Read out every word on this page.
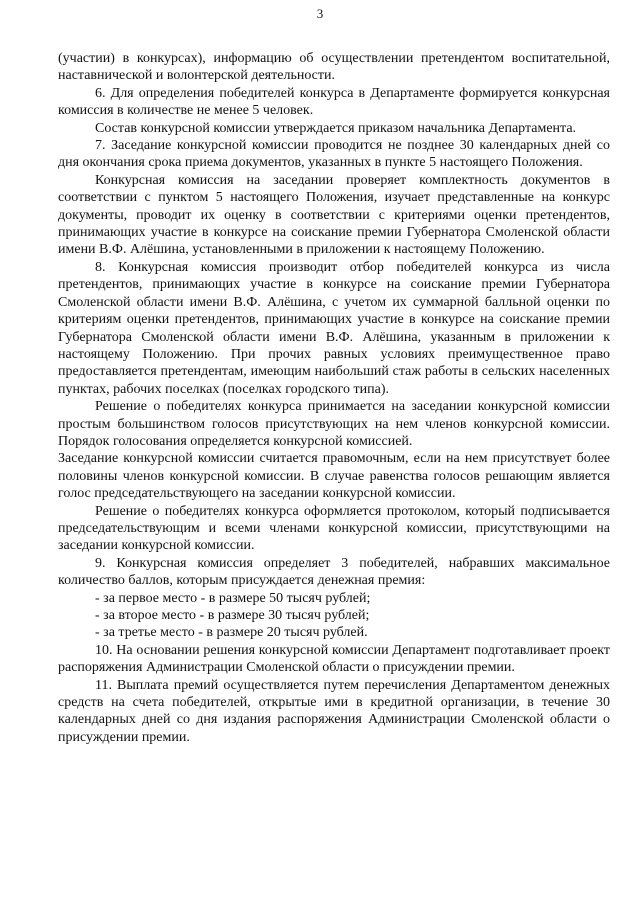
3

(участии) в конкурсах), информацию об осуществлении претендентом воспитательной, наставнической и волонтерской деятельности.

6. Для определения победителей конкурса в Департаменте формируется конкурсная комиссия в количестве не менее 5 человек.

Состав конкурсной комиссии утверждается приказом начальника Департамента.

7. Заседание конкурсной комиссии проводится не позднее 30 календарных дней со дня окончания срока приема документов, указанных в пункте 5 настоящего Положения.

Конкурсная комиссия на заседании проверяет комплектность документов в соответствии с пунктом 5 настоящего Положения, изучает представленные на конкурс документы, проводит их оценку в соответствии с критериями оценки претендентов, принимающих участие в конкурсе на соискание премии Губернатора Смоленской области имени В.Ф. Алёшина, установленными в приложении к настоящему Положению.

8. Конкурсная комиссия производит отбор победителей конкурса из числа претендентов, принимающих участие в конкурсе на соискание премии Губернатора Смоленской области имени В.Ф. Алёшина, с учетом их суммарной балльной оценки по критериям оценки претендентов, принимающих участие в конкурсе на соискание премии Губернатора Смоленской области имени В.Ф. Алёшина, указанным в приложении к настоящему Положению. При прочих равных условиях преимущественное право предоставляется претендентам, имеющим наибольший стаж работы в сельских населенных пунктах, рабочих поселках (поселках городского типа).

Решение о победителях конкурса принимается на заседании конкурсной комиссии простым большинством голосов присутствующих на нем членов конкурсной комиссии. Порядок голосования определяется конкурсной комиссией.

Заседание конкурсной комиссии считается правомочным, если на нем присутствует более половины членов конкурсной комиссии. В случае равенства голосов решающим является голос председательствующего на заседании конкурсной комиссии.

Решение о победителях конкурса оформляется протоколом, который подписывается председательствующим и всеми членами конкурсной комиссии, присутствующими на заседании конкурсной комиссии.

9. Конкурсная комиссия определяет 3 победителей, набравших максимальное количество баллов, которым присуждается денежная премия:

- за первое место - в размере 50 тысяч рублей;

- за второе место - в размере 30 тысяч рублей;

- за третье место - в размере 20 тысяч рублей.

10. На основании решения конкурсной комиссии Департамент подготавливает проект распоряжения Администрации Смоленской области о присуждении премии.

11. Выплата премий осуществляется путем перечисления Департаментом денежных средств на счета победителей, открытые ими в кредитной организации, в течение 30 календарных дней со дня издания распоряжения Администрации Смоленской области о присуждении премии.
